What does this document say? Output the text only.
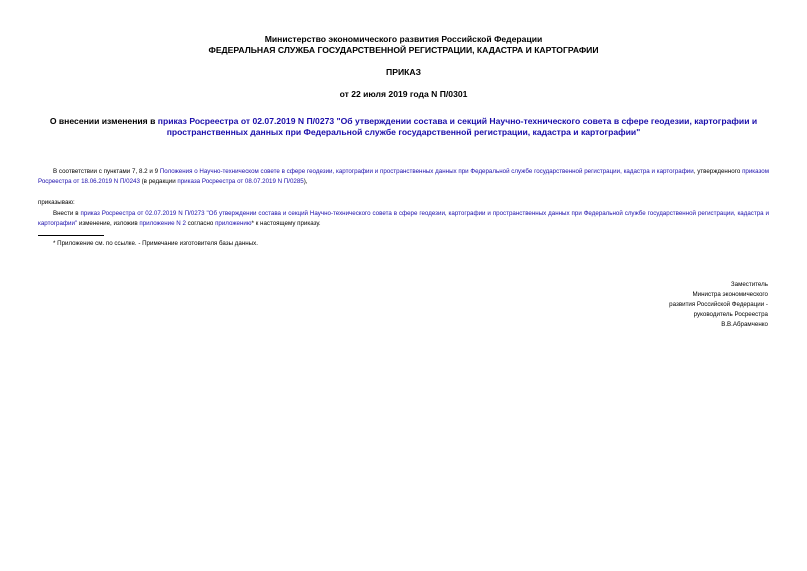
Министерство экономического развития Российской Федерации
ФЕДЕРАЛЬНАЯ СЛУЖБА ГОСУДАРСТВЕННОЙ РЕГИСТРАЦИИ, КАДАСТРА И КАРТОГРАФИИ
ПРИКАЗ
от 22 июля 2019 года N П/0301
О внесении изменения в приказ Росреестра от 02.07.2019 N П/0273 "Об утверждении состава и секций Научно-технического совета в сфере геодезии, картографии и пространственных данных при Федеральной службе государственной регистрации, кадастра и картографии"
В соответствии с пунктами 7, 8.2 и 9 Положения о Научно-техническом совете в сфере геодезии, картографии и пространственных данных при Федеральной службе государственной регистрации, кадастра и картографии, утвержденного приказом Росреестра от 18.06.2019 N П/0243 (в редакции приказа Росреестра от 08.07.2019 N П/0285),
приказываю:
Внести в приказ Росреестра от 02.07.2019 N П/0273 "Об утверждении состава и секций Научно-технического совета в сфере геодезии, картографии и пространственных данных при Федеральной службе государственной регистрации, кадастра и картографии" изменение, изложив приложение N 2 согласно приложению* к настоящему приказу.
* Приложение см. по ссылке. - Примечание изготовителя базы данных.
Заместитель
Министра экономического
развития Российской Федерации -
руководитель Росреестра
В.В.Абрамченко
